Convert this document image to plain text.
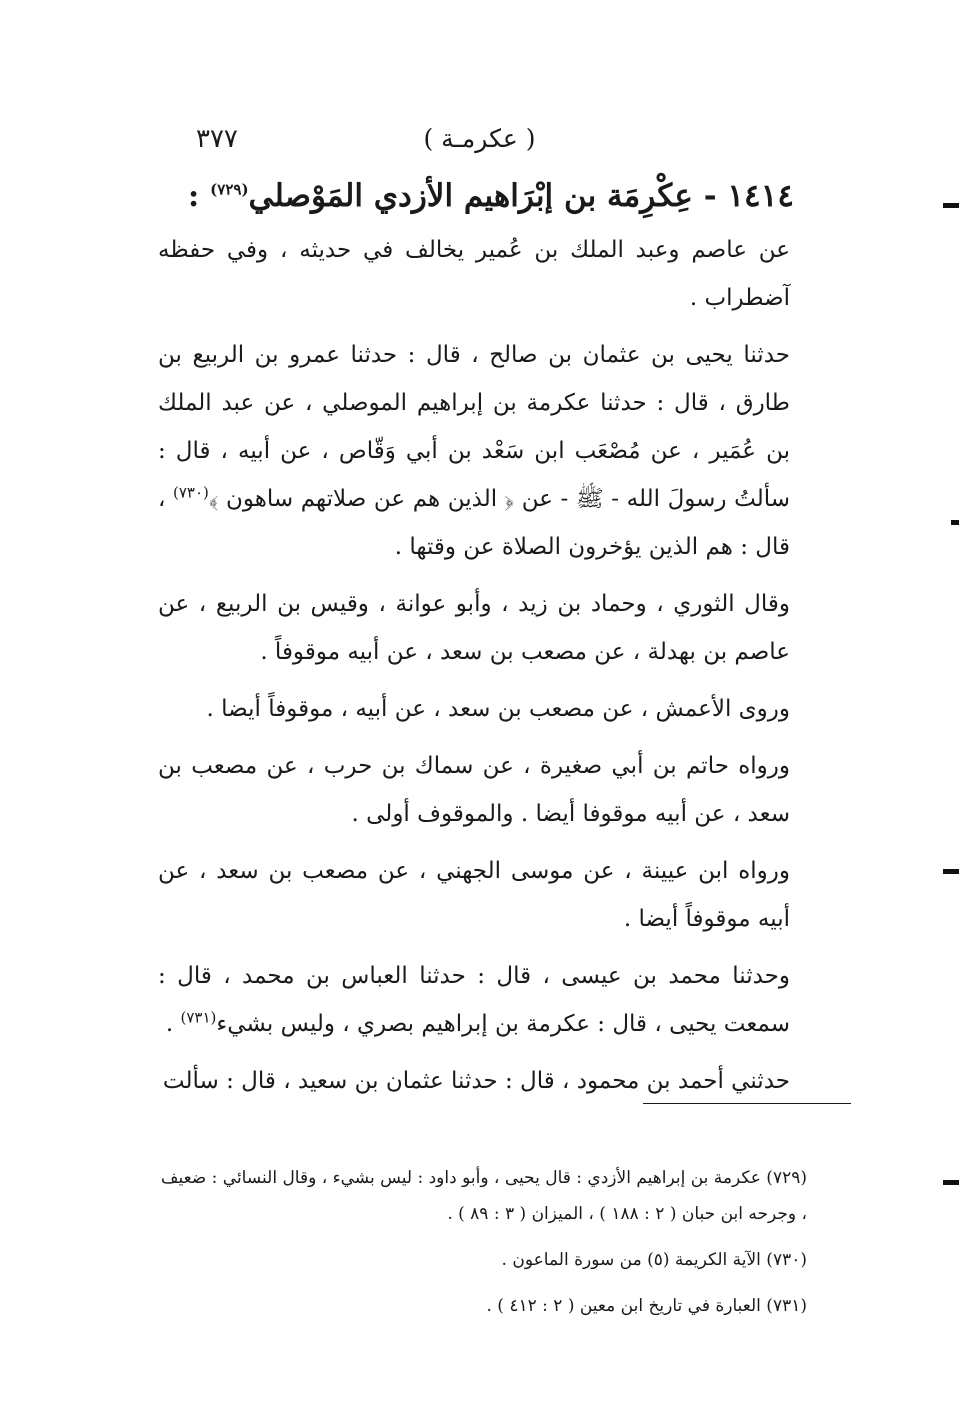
٣٧٧	( عكرمـة )
١٤١٤ - عِكْرِمَة بن إبْرَاهيم الأزدي المَوْصلي$^{(٧٢٩)}$ :

عن عاصم وعبد الملك بن عُمير يخالف في حديثه ، وفي حفظه آضطراب .

حدثنا يحيى بن عثمان بن صالح ، قال : حدثنا عمرو بن الربيع بن طارق ، قال : حدثنا عكرمة بن إبراهيم الموصلي ، عن عبد الملك بن عُمَير ، عن مُصْعَب ابن سَعْد بن أبي وَقّاص ، عن أبيه ، قال : سألتُ رسولَ الله - ﷺ - عن ﴿ الذين هم عن صلاتهم ساهون ﴾$^{(٧٣٠)}$ ، قال : هم الذين يؤخرون الصلاة عن وقتها .

وقال الثوري ، وحماد بن زيد ، وأبو عوانة ، وقيس بن الربيع ، عن عاصم بن بهدلة ، عن مصعب بن سعد ، عن أبيه موقوفاً .

وروى الأعمش ، عن مصعب بن سعد ، عن أبيه ، موقوفاً أيضا .

ورواه حاتم بن أبي صغيرة ، عن سماك بن حرب ، عن مصعب بن سعد ، عن أبيه موقوفا أيضا . والموقوف أولى .

ورواه ابن عيينة ، عن موسى الجهني ، عن مصعب بن سعد ، عن أبيه موقوفاً أيضا .

وحدثنا محمد بن عيسى ، قال : حدثنا العباس بن محمد ، قال : سمعت يحيى ، قال : عكرمة بن إبراهيم بصري ، وليس بشيء$^{(٧٣١)}$ .

حدثني أحمد بن محمود ، قال : حدثنا عثمان بن سعيد ، قال : سألت

(٧٢٩) عكرمة بن إبراهيم الأزدي : قال يحيى ، وأبو داود : ليس بشيء ، وقال النسائي : ضعيف ، وجرحه ابن حبان ( ٢ : ١٨٨ ) ، الميزان ( ٣ : ٨٩ ) .
(٧٣٠) الآية الكريمة (٥) من سورة الماعون .
(٧٣١) العبارة في تاريخ ابن معين ( ٢ : ٤١٢ ) .
